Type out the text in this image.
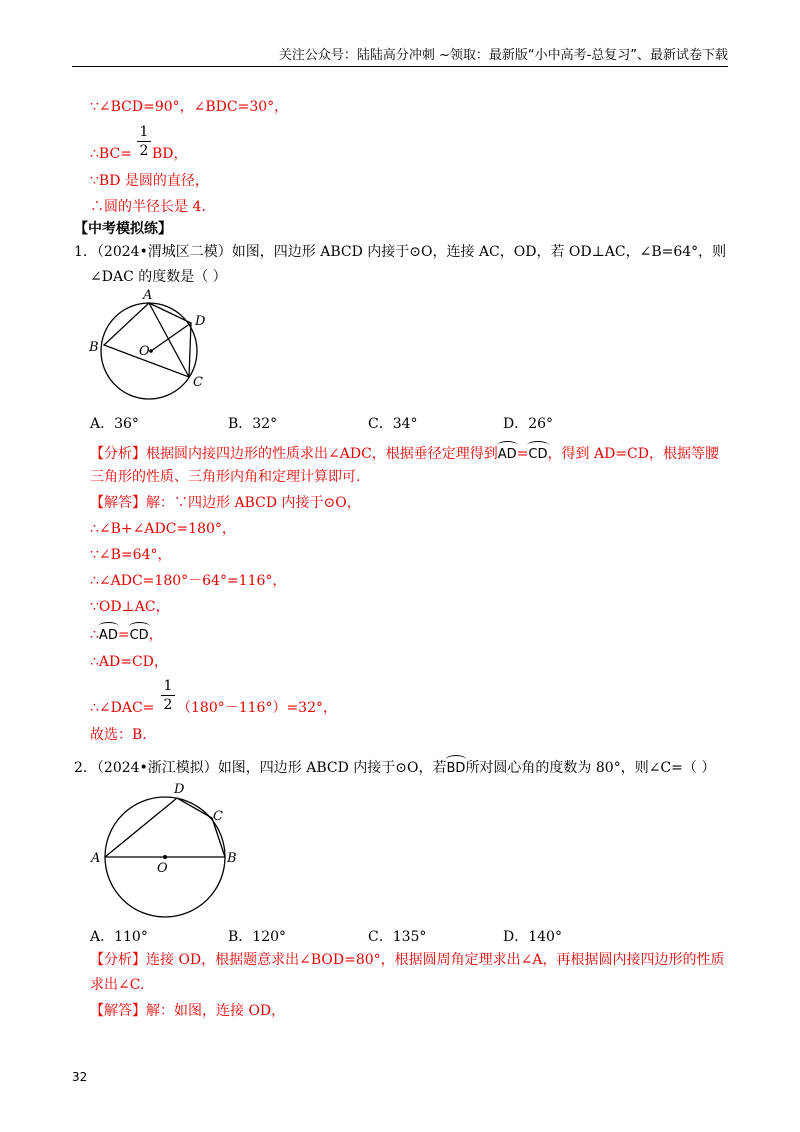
关注公众号：陆陆高分冲刺 ~领取：最新版“小中高考-总复习”、最新试卷下载
∵∠BCD=90°，∠BDC=30°，
1
2
∴BC= BD，
∵BD 是圆的直径，
∴圆的半径长是 4.
【中考模拟练】
1．（2024•渭城区二模）如图，四边形 ABCD 内接于⊙O，连接 AC，OD，若 OD⊥AC，∠B=64°，则
∠DAC 的度数是（ ）
A
D
B	O
C
A．36°	B．32°	C．34°	D．26°
【分析】根据圆内接四边形的性质求出∠ADC，根据垂径定理得到AD=CD，得到 AD=CD，根据等腰
三角形的性质、三角形内角和定理计算即可.
【解答】解：∵四边形 ABCD 内接于⊙O，
∴∠B+∠ADC=180°，
∵∠B=64°，
∴∠ADC=180°－64°=116°，
∵OD⊥AC，
∴AD=CD，
∴AD=CD，
1
2
∴∠DAC= （180°－116°）=32°，
故选：B.
2．（2024•浙江模拟）如图，四边形 ABCD 内接于⊙O，若BD所对圆心角的度数为 80°，则∠C=（ ）
D
C
A	B
O
A．110°	B．120°	C．135°	D．140°
【分析】连接 OD，根据题意求出∠BOD=80°，根据圆周角定理求出∠A，再根据圆内接四边形的性质
求出∠C.
【解答】解：如图，连接 OD，
32
